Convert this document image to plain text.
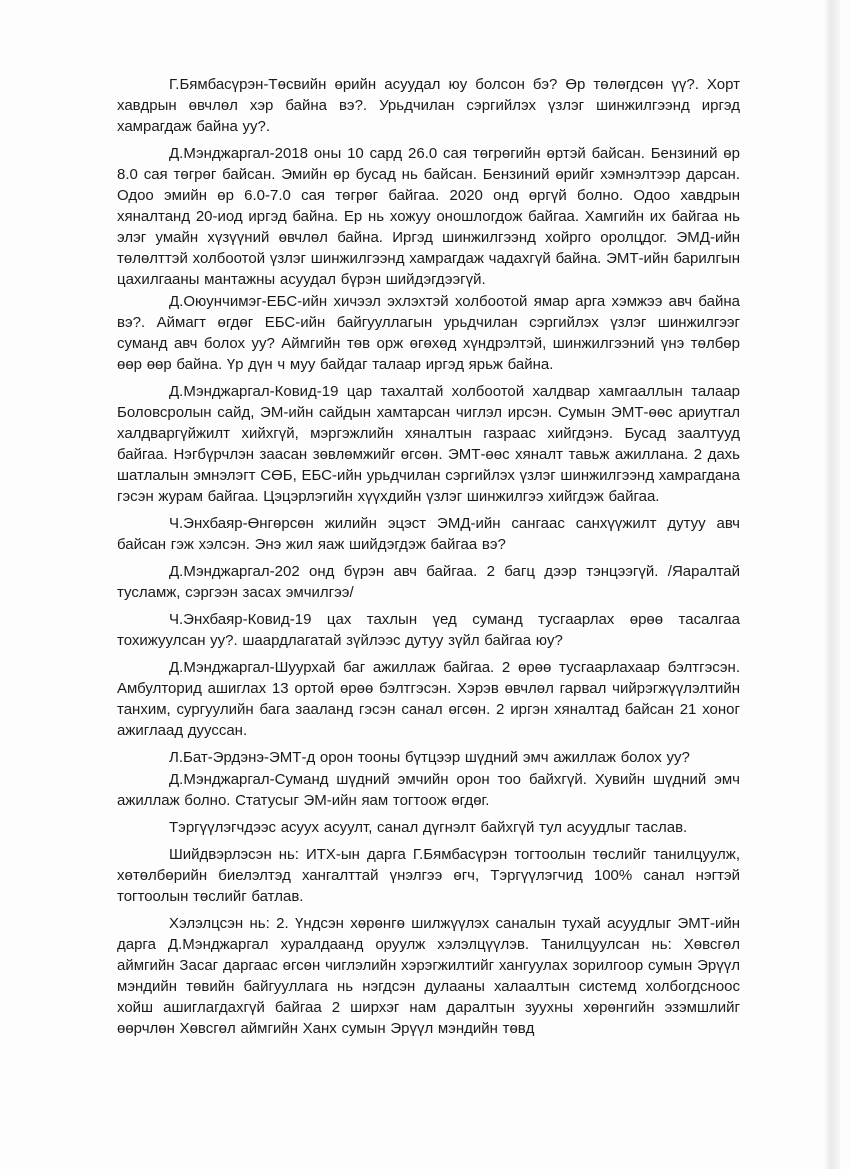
Г.Бямбасүрэн-Төсвийн өрийн асуудал юу болсон бэ? Өр төлөгдсөн үү?. Хорт хавдрын өвчлөл хэр байна вэ?. Урьдчилан сэргийлэх үзлэг шинжилгээнд иргэд хамрагдаж байна уу?.

Д.Мэнджаргал-2018 оны 10 сард 26.0 сая төгрөгийн өртэй байсан. Бензиний өр 8.0 сая төгрөг байсан. Эмийн өр бусад нь байсан. Бензиний өрийг хэмнэлтээр дарсан. Одоо эмийн өр 6.0-7.0 сая төгрөг байгаа. 2020 онд өргүй болно. Одоо хавдрын хяналтанд 20-иод иргэд байна. Ер нь хожуу оношлогдож байгаа. Хамгийн их байгаа нь элэг умайн хүзүүний өвчлөл байна. Иргэд шинжилгээнд хойрго оролцдог. ЭМД-ийн төлөлттэй холбоотой үзлэг шинжилгээнд хамрагдаж чадахгүй байна. ЭМТ-ийн барилгын цахилгааны мантажны асуудал бүрэн шийдэгдээгүй.

Д.Оюунчимэг-ЕБС-ийн хичээл эхлэхтэй холбоотой ямар арга хэмжээ авч байна вэ?. Аймагт өгдөг ЕБС-ийн байгууллагын урьдчилан сэргийлэх үзлэг шинжилгээг суманд авч болох уу? Аймгийн төв орж өгөхөд хүндрэлтэй, шинжилгээний үнэ төлбөр өөр өөр байна. Үр дүн ч муу байдаг талаар иргэд ярьж байна.

Д.Мэнджаргал-Ковид-19 цар тахалтай холбоотой халдвар хамгааллын талаар Боловсролын сайд, ЭМ-ийн сайдын хамтарсан чиглэл ирсэн. Сумын ЭМТ-өөс ариутгал халдваргүйжилт хийхгүй, мэргэжлийн хяналтын газраас хийгдэнэ. Бусад заалтууд байгаа. Нэгбүрчлэн заасан зөвлөмжийг өгсөн. ЭМТ-өөс хяналт тавьж ажиллана. 2 дахь шатлалын эмнэлэгт СӨБ, ЕБС-ийн урьдчилан сэргийлэх үзлэг шинжилгээнд хамрагдана гэсэн журам байгаа. Цэцэрлэгийн хүүхдийн үзлэг шинжилгээ хийгдэж байгаа.

Ч.Энхбаяр-Өнгөрсөн жилийн эцэст ЭМД-ийн сангаас санхүүжилт дутуу авч байсан гэж хэлсэн. Энэ жил яаж шийдэгдэж байгаа вэ?

Д.Мэнджаргал-202 онд бүрэн авч байгаа. 2 багц дээр тэнцээгүй. /Яаралтай тусламж, сэргээн засах эмчилгээ/

Ч.Энхбаяр-Ковид-19 цах тахлын үед суманд тусгаарлах өрөө тасалгаа тохижуулсан уу?. шаардлагатай зүйлээс дутуу зүйл байгаа юу?

Д.Мэнджаргал-Шуурхай баг ажиллаж байгаа. 2 өрөө тусгаарлахаар бэлтгэсэн. Амбулторид ашиглах 13 ортой өрөө бэлтгэсэн. Хэрэв өвчлөл гарвал чийрэгжүүлэлтийн танхим, сургуулийн бага зааланд гэсэн санал өгсөн. 2 иргэн хяналтад байсан 21 хоног ажиглаад дууссан.

Л.Бат-Эрдэнэ-ЭМТ-д орон тооны бүтцээр шүдний эмч ажиллаж болох уу?

Д.Мэнджаргал-Суманд шүдний эмчийн орон тоо байхгүй. Хувийн шүдний эмч ажиллаж болно. Статусыг ЭМ-ийн яам тогтоож өгдөг.

Тэргүүлэгчдээс асуух асуулт, санал дүгнэлт байхгүй тул асуудлыг таслав.

Шийдвэрлэсэн нь: ИТХ-ын дарга Г.Бямбасүрэн тогтоолын төслийг танилцуулж, хөтөлбөрийн биелэлтэд хангалттай үнэлгээ өгч, Тэргүүлэгчид 100% санал нэгтэй тогтоолын төслийг батлав.

Хэлэлцсэн нь: 2. Үндсэн хөрөнгө шилжүүлэх саналын тухай асуудлыг ЭМТ-ийн дарга Д.Мэнджаргал хуралдаанд оруулж хэлэлцүүлэв. Танилцуулсан нь: Хөвсгөл аймгийн Засаг даргаас өгсөн чиглэлийн хэрэгжилтийг хангуулах зорилгоор сумын Эрүүл мэндийн төвийн байгууллага нь нэгдсэн дулааны халаалтын системд холбогдсноос хойш ашиглагдахгүй байгаа 2 ширхэг нам даралтын зуухны хөрөнгийн эзэмшлийг өөрчлөн Хөвсгөл аймгийн Ханх сумын Эрүүл мэндийн төвд
